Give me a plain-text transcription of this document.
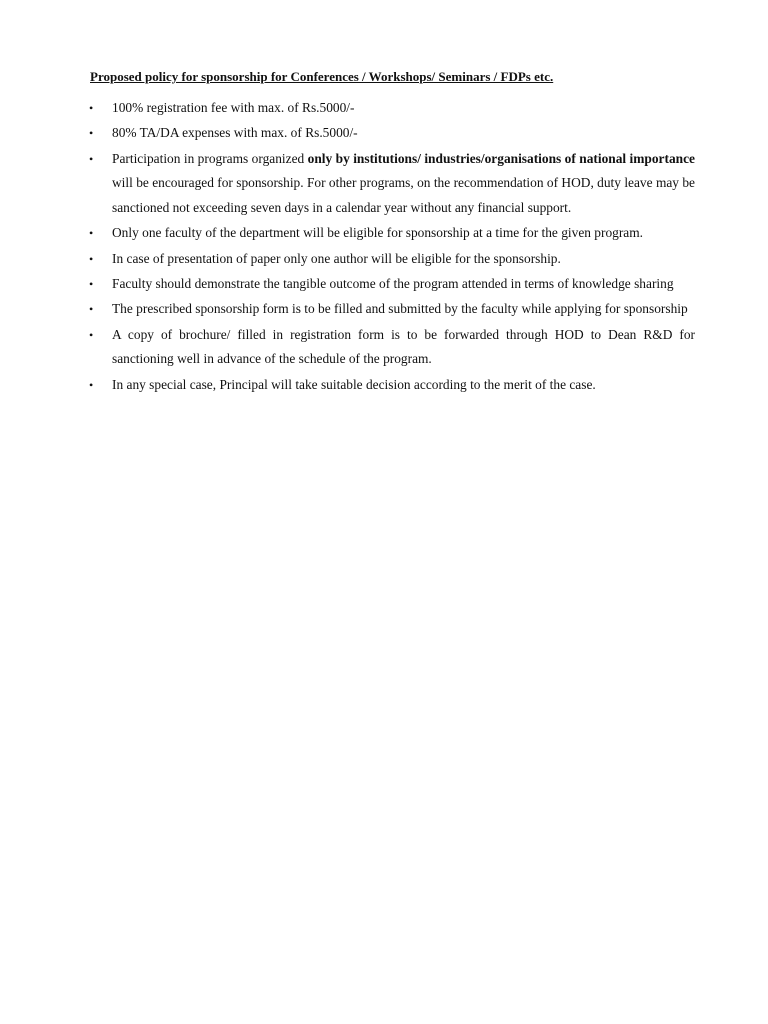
Proposed policy for sponsorship for Conferences / Workshops/ Seminars / FDPs etc.
• 100% registration fee with max. of Rs.5000/-
• 80% TA/DA expenses with max. of Rs.5000/-
• Participation in programs organized only by institutions/ industries/organisations of national importance will be encouraged for sponsorship. For other programs, on the recommendation of HOD, duty leave may be sanctioned not exceeding seven days in a calendar year without any financial support.
• Only one faculty of the department will be eligible for sponsorship at a time for the given program.
• In case of presentation of paper only one author will be eligible for the sponsorship.
• Faculty should demonstrate the tangible outcome of the program attended in terms of knowledge sharing
• The prescribed sponsorship form is to be filled and submitted by the faculty while applying for sponsorship
• A copy of brochure/ filled in registration form is to be forwarded through HOD to Dean R&D for sanctioning well in advance of the schedule of the program.
• In any special case, Principal will take suitable decision according to the merit of the case.
